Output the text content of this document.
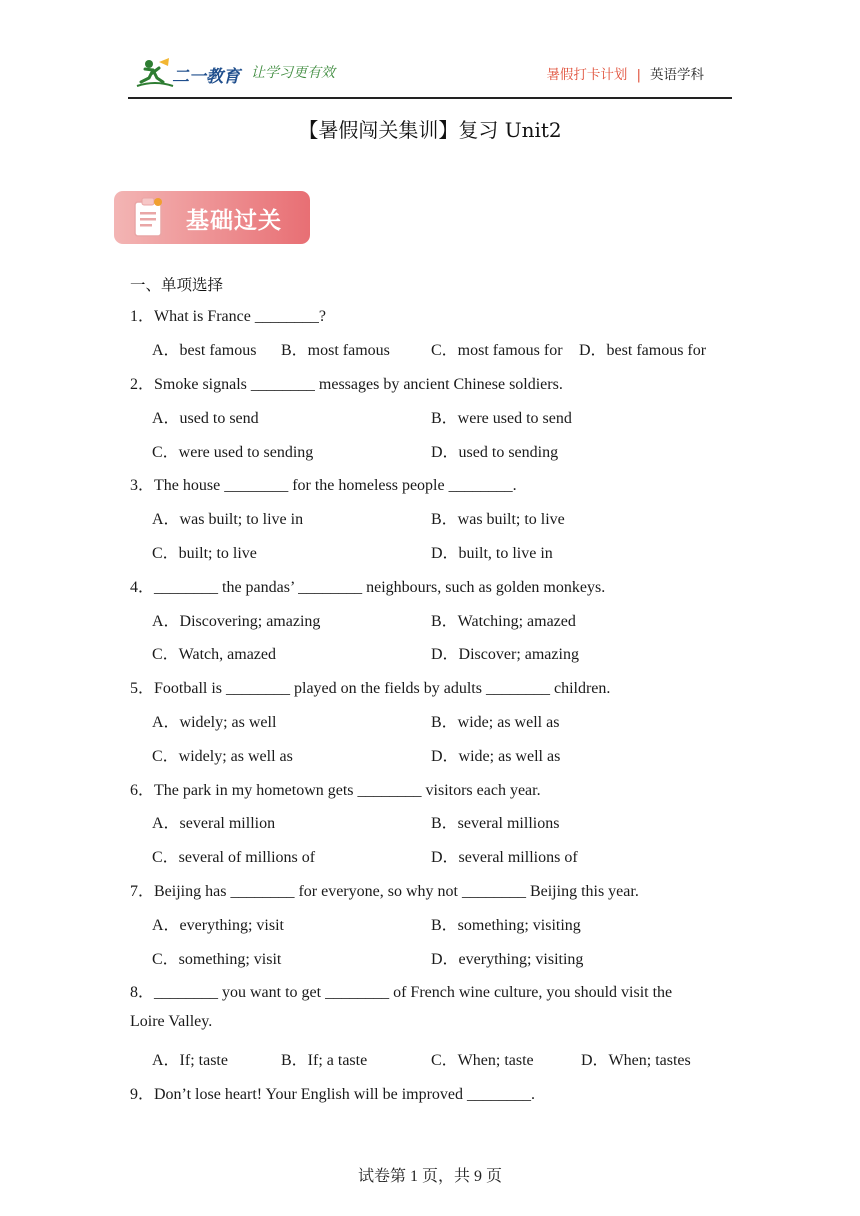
二一教育 让学习更有效	暑假打卡计划 | 英语学科
【暑假闯关集训】复习 Unit2
基础过关
一、单项选择
1．What is France ________?
A．best famous B．most famous	C．most famous for D．best famous for
2．Smoke signals ________ messages by ancient Chinese soldiers.
A．used to send	B．were used to send
C．were used to sending	D．used to sending
3．The house ________ for the homeless people ________.
A．was built; to live in	B．was built; to live
C．built; to live	D．built, to live in
4．________ the pandas’ ________ neighbours, such as golden monkeys.
A．Discovering; amazing	B．Watching; amazed
C．Watch, amazed	D．Discover; amazing
5．Football is ________ played on the fields by adults ________ children.
A．widely; as well	B．wide; as well as
C．widely; as well as	D．wide; as well as
6．The park in my hometown gets ________ visitors each year.
A．several million	B．several millions
C．several of millions of	D．several millions of
7．Beijing has ________ for everyone, so why not ________ Beijing this year.
A．everything; visit	B．something; visiting
C．something; visit	D．everything; visiting
8．________ you want to get ________ of French wine culture, you should visit the
Loire Valley.
A．If; taste	B．If; a taste	C．When; taste	D．When; tastes
9．Don’t lose heart! Your English will be improved ________.
试卷第 1 页，共 9 页
